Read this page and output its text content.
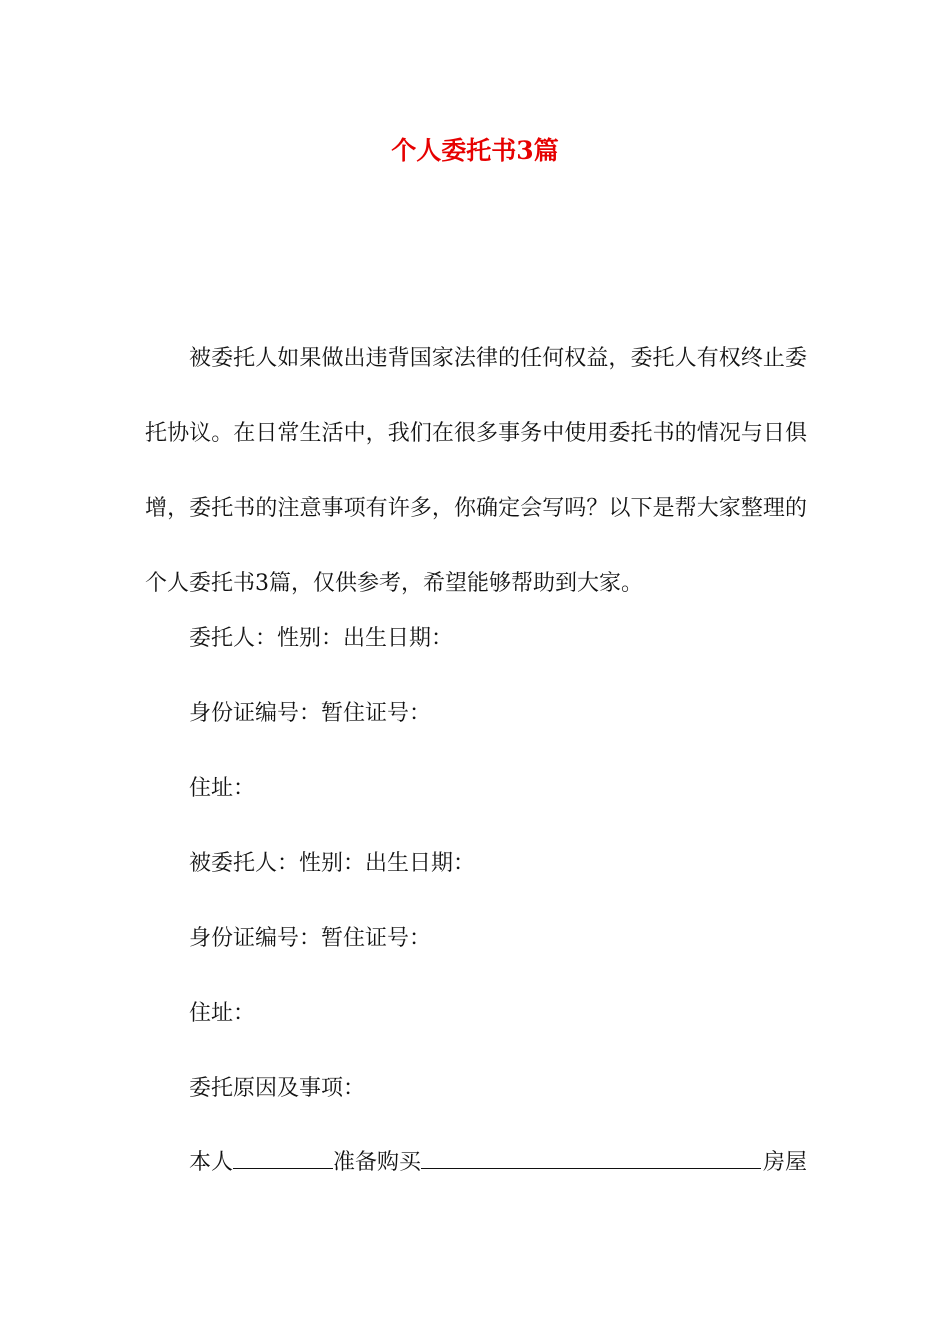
个人委托书3篇

被委托人如果做出违背国家法律的任何权益，委托人有权终止委托协议。在日常生活中，我们在很多事务中使用委托书的情况与日俱增，委托书的注意事项有许多，你确定会写吗？以下是帮大家整理的个人委托书3篇，仅供参考，希望能够帮助到大家。

委托人：性别：出生日期：
身份证编号：暂住证号：
住址：
被委托人：性别：出生日期：
身份证编号：暂住证号：
住址：
委托原因及事项：
本人	准备购买	房屋
